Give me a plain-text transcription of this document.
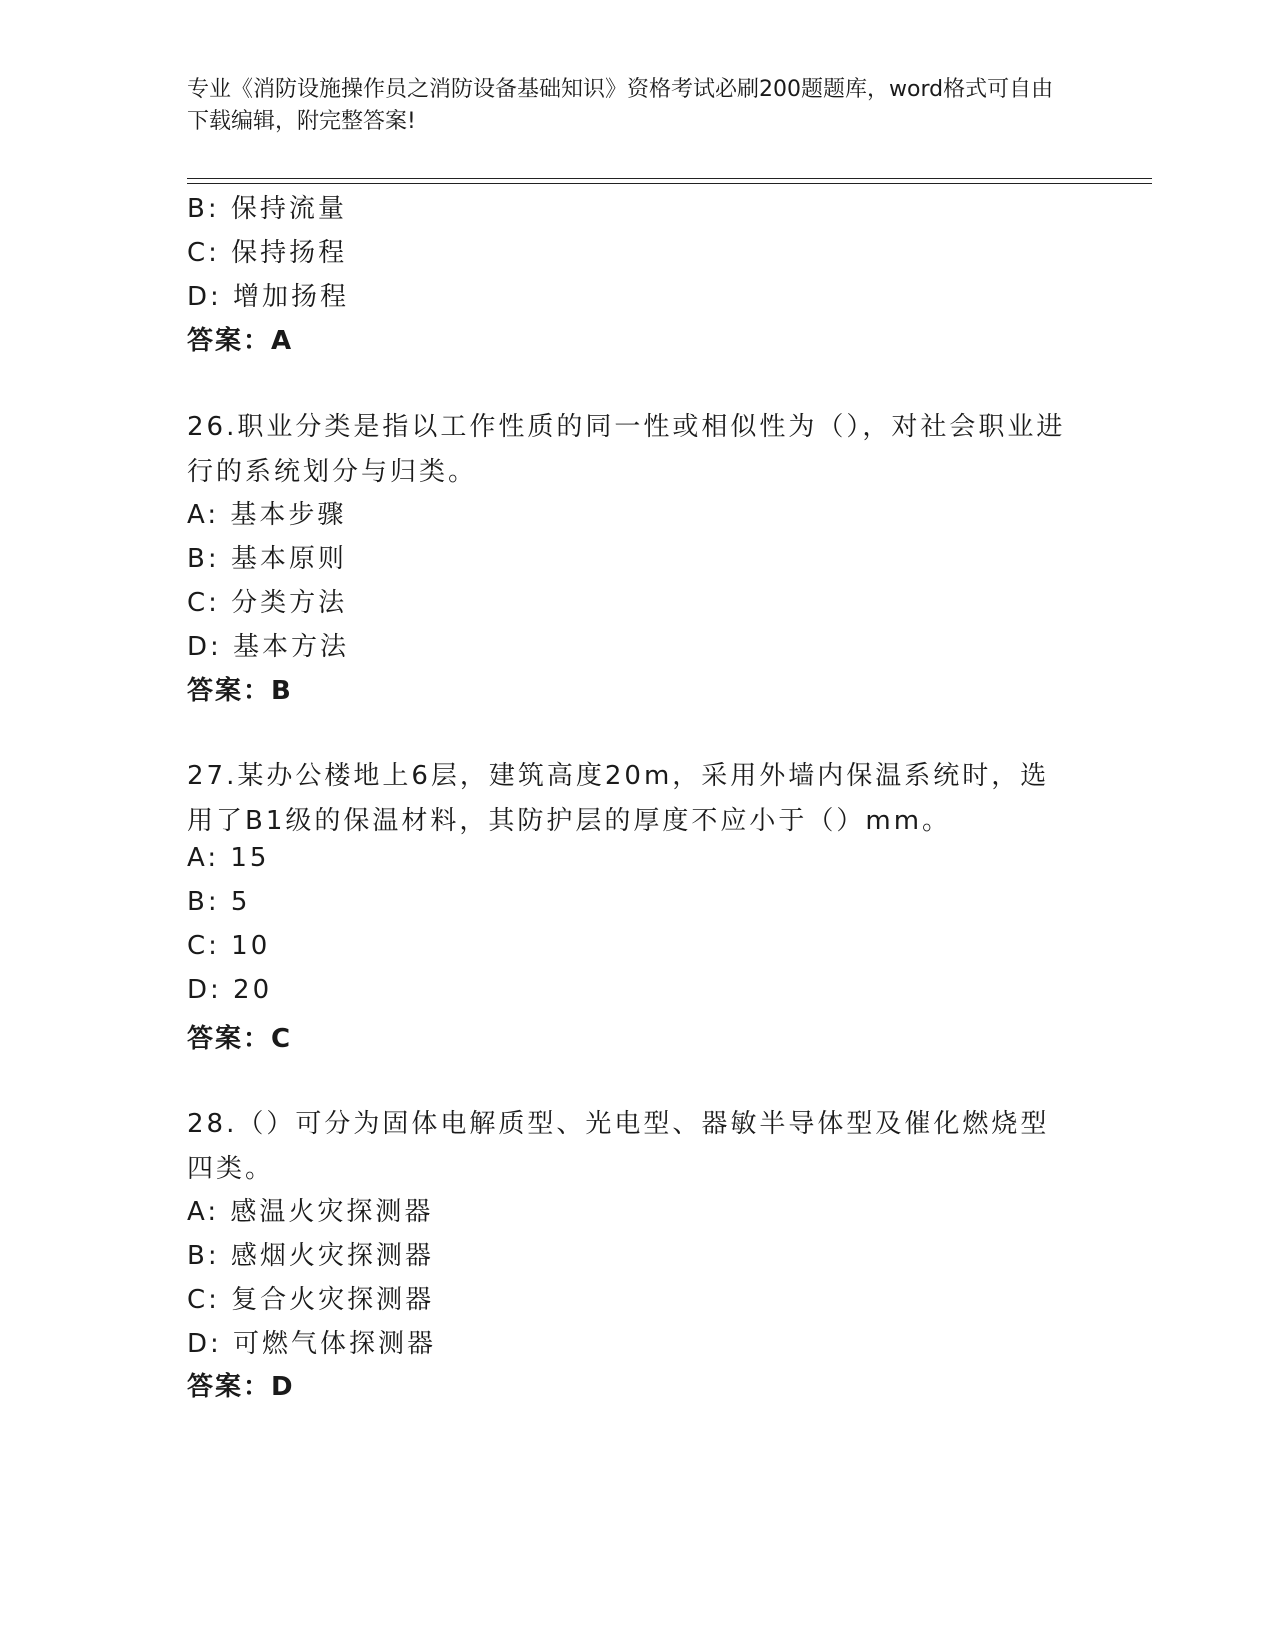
专业《消防设施操作员之消防设备基础知识》资格考试必刷200题题库，word格式可自由下载编辑，附完整答案!
B: 保持流量
C: 保持扬程
D: 增加扬程
答案：A
26.职业分类是指以工作性质的同一性或相似性为（），对社会职业进行的系统划分与归类。
A: 基本步骤
B: 基本原则
C: 分类方法
D: 基本方法
答案：B
27.某办公楼地上6层，建筑高度20m，采用外墙内保温系统时，选用了B1级的保温材料，其防护层的厚度不应小于（）mm。
A: 15
B: 5
C: 10
D: 20
答案：C
28.（）可分为固体电解质型、光电型、器敏半导体型及催化燃烧型四类。
A: 感温火灾探测器
B: 感烟火灾探测器
C: 复合火灾探测器
D: 可燃气体探测器
答案：D
